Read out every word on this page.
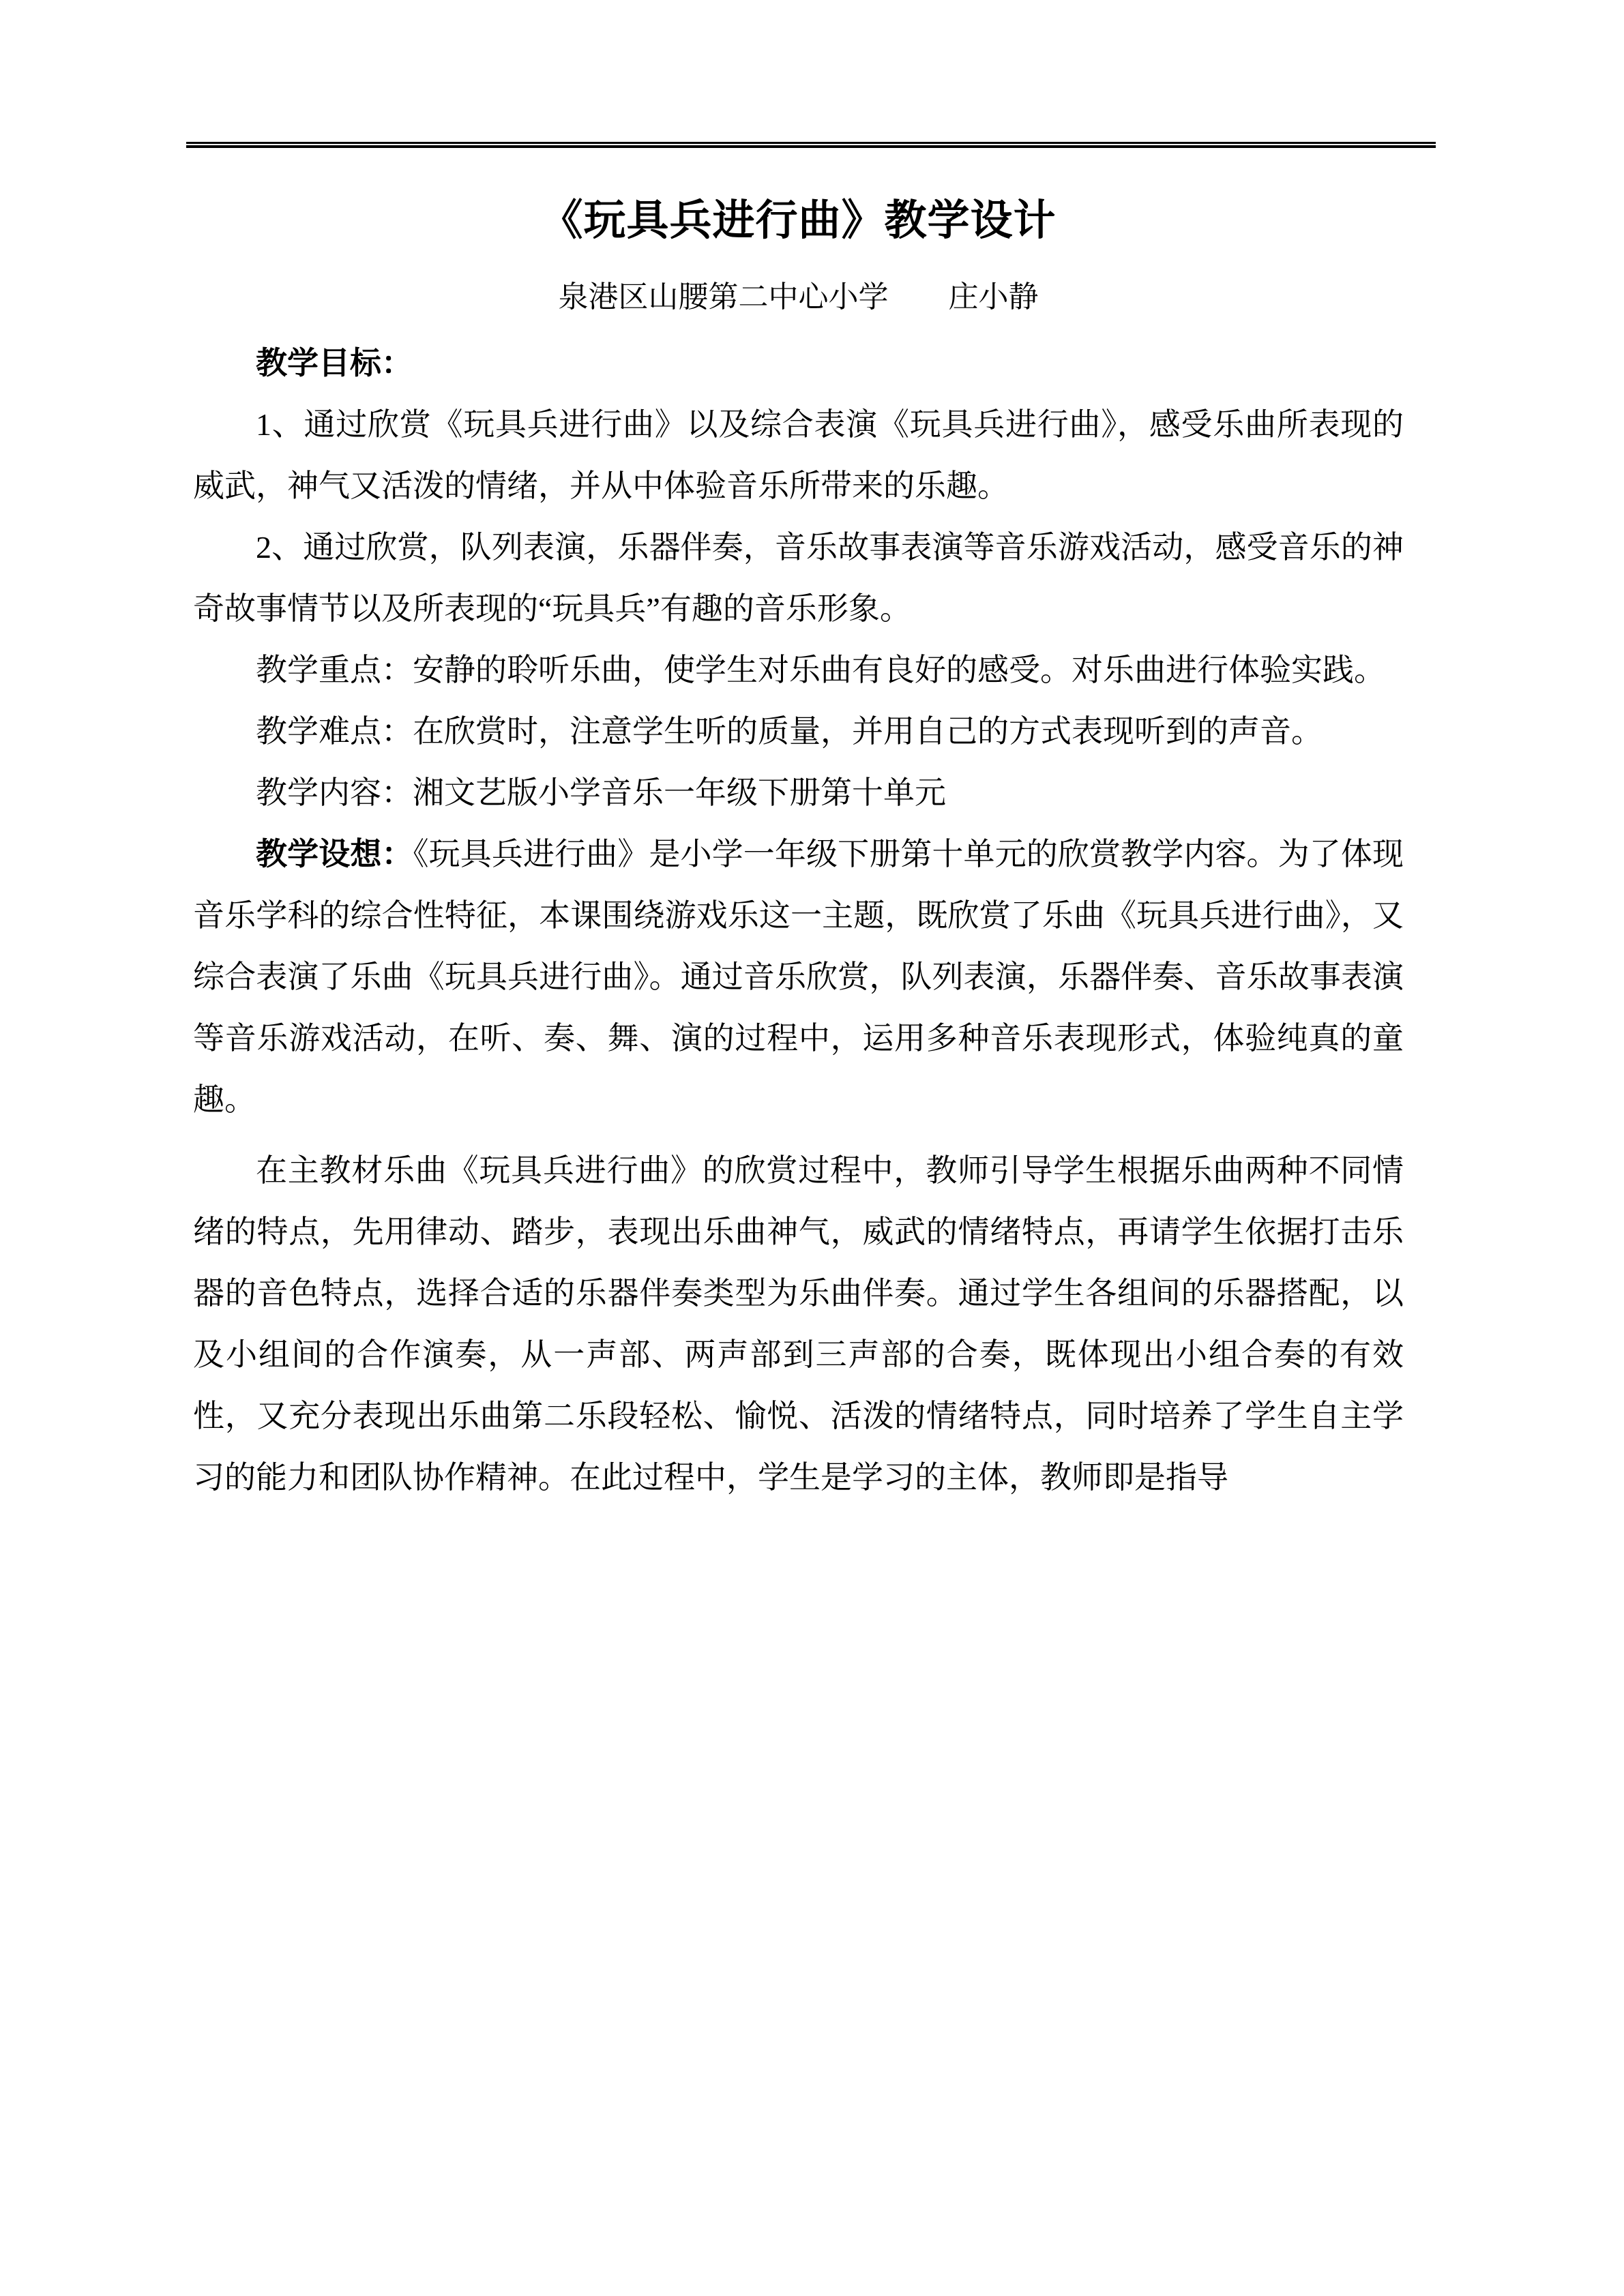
《玩具兵进行曲》教学设计
泉港区山腰第二中心小学　　庄小静

教学目标：

1、通过欣赏《玩具兵进行曲》以及综合表演《玩具兵进行曲》，感受乐曲所表现的威武，神气又活泼的情绪，并从中体验音乐所带来的乐趣。

2、通过欣赏，队列表演，乐器伴奏，音乐故事表演等音乐游戏活动，感受音乐的神奇故事情节以及所表现的“玩具兵”有趣的音乐形象。

教学重点：安静的聆听乐曲，使学生对乐曲有良好的感受。对乐曲进行体验实践。

教学难点：在欣赏时，注意学生听的质量，并用自己的方式表现听到的声音。

教学内容：湘文艺版小学音乐一年级下册第十单元

教学设想：《玩具兵进行曲》是小学一年级下册第十单元的欣赏教学内容。为了体现音乐学科的综合性特征，本课围绕游戏乐这一主题，既欣赏了乐曲《玩具兵进行曲》，又综合表演了乐曲《玩具兵进行曲》。通过音乐欣赏，队列表演，乐器伴奏、音乐故事表演等音乐游戏活动，在听、奏、舞、演的过程中，运用多种音乐表现形式，体验纯真的童趣。

在主教材乐曲《玩具兵进行曲》的欣赏过程中，教师引导学生根据乐曲两种不同情绪的特点，先用律动、踏步，表现出乐曲神气，威武的情绪特点，再请学生依据打击乐器的音色特点，选择合适的乐器伴奏类型为乐曲伴奏。通过学生各组间的乐器搭配，以及小组间的合作演奏，从一声部、两声部到三声部的合奏，既体现出小组合奏的有效性，又充分表现出乐曲第二乐段轻松、愉悦、活泼的情绪特点，同时培养了学生自主学习的能力和团队协作精神。在此过程中，学生是学习的主体，教师即是指导
